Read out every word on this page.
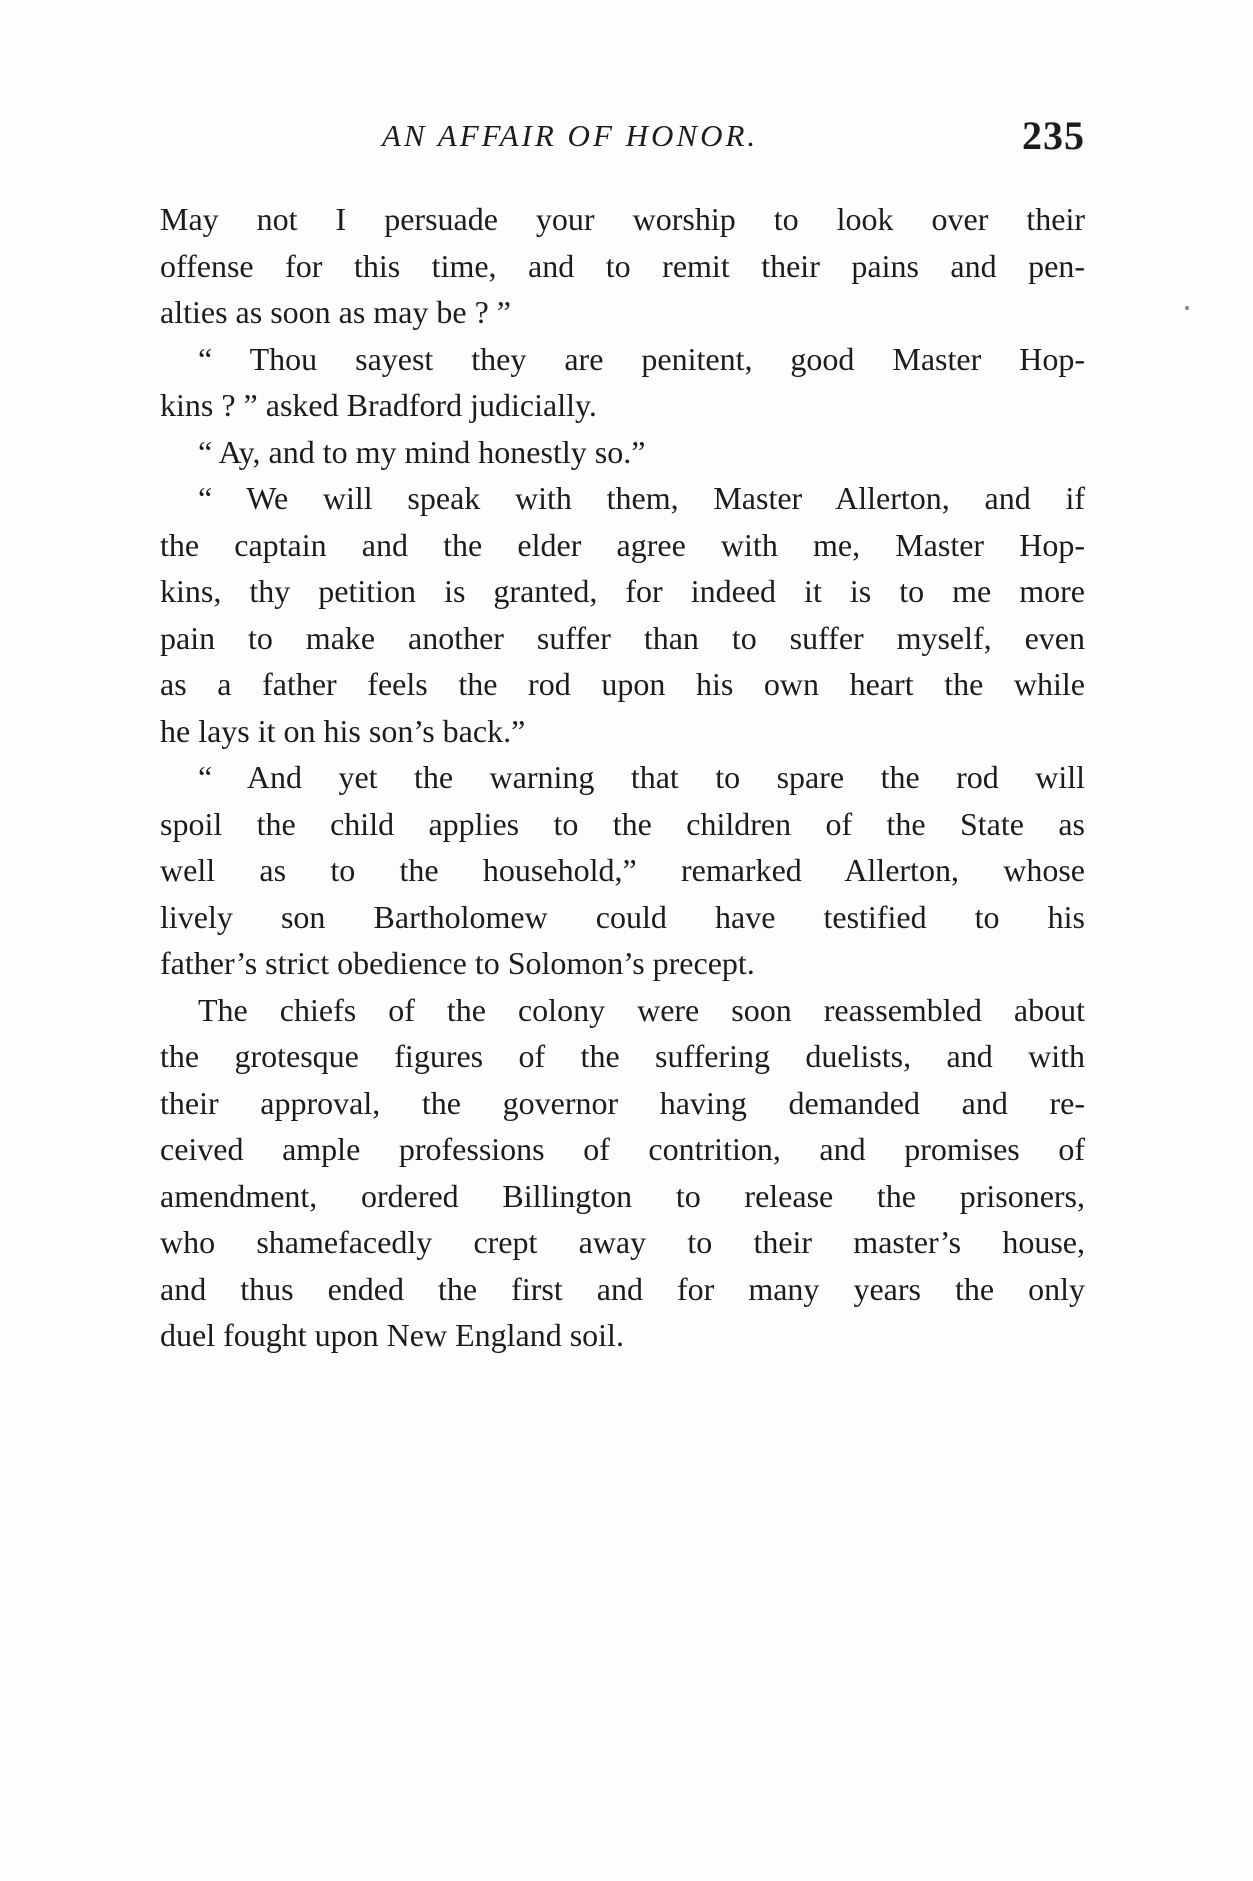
AN AFFAIR OF HONOR.	235
May not I persuade your worship to look over their
offense for this time, and to remit their pains and pen-
alties as soon as may be ? ”
“ Thou sayest they are penitent, good Master Hop-
kins ? ” asked Bradford judicially.
“ Ay, and to my mind honestly so.”
“ We will speak with them, Master Allerton, and if
the captain and the elder agree with me, Master Hop-
kins, thy petition is granted, for indeed it is to me more
pain to make another suffer than to suffer myself, even
as a father feels the rod upon his own heart the while
he lays it on his son’s back.”
“ And yet the warning that to spare the rod will
spoil the child applies to the children of the State as
well as to the household,” remarked Allerton, whose
lively son Bartholomew could have testified to his
father’s strict obedience to Solomon’s precept.
The chiefs of the colony were soon reassembled about
the grotesque figures of the suffering duelists, and with
their approval, the governor having demanded and re-
ceived ample professions of contrition, and promises of
amendment, ordered Billington to release the prisoners,
who shamefacedly crept away to their master’s house,
and thus ended the first and for many years the only
duel fought upon New England soil.
